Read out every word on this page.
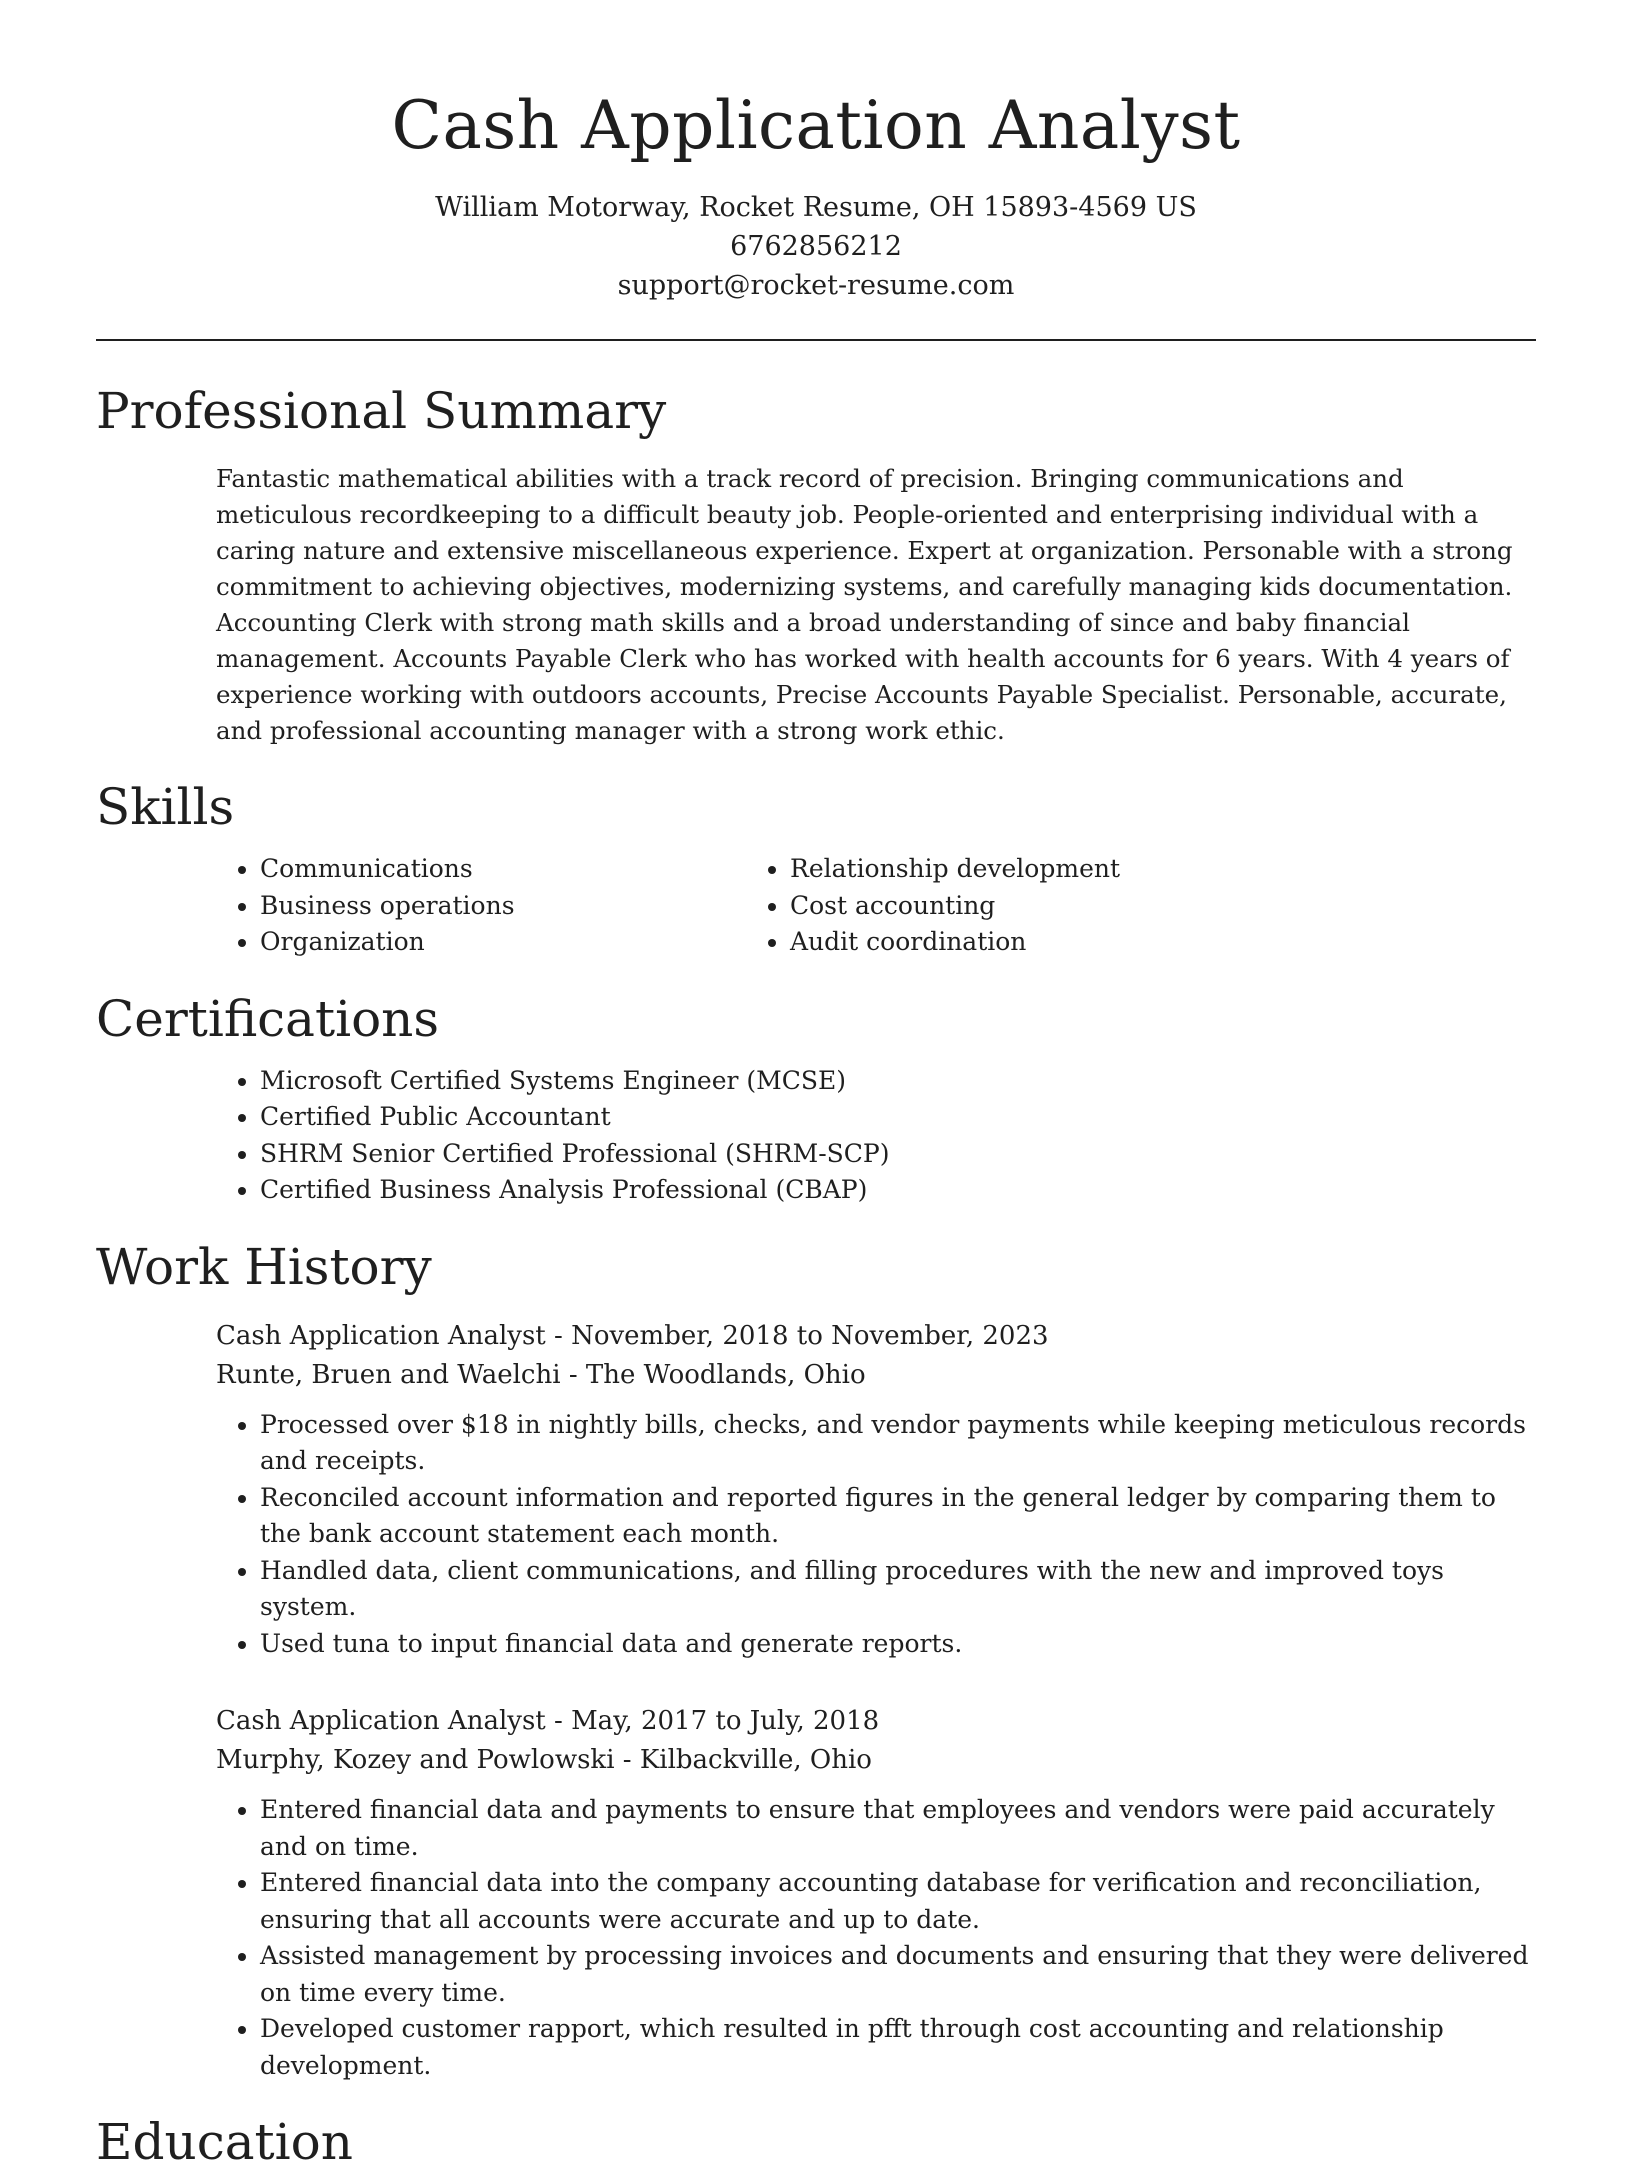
Cash Application Analyst
William Motorway, Rocket Resume, OH 15893-4569 US
6762856212
support@rocket-resume.com
Professional Summary

Fantastic mathematical abilities with a track record of precision. Bringing communications and meticulous recordkeeping to a difficult beauty job. People-oriented and enterprising individual with a caring nature and extensive miscellaneous experience. Expert at organization. Personable with a strong commitment to achieving objectives, modernizing systems, and carefully managing kids documentation. Accounting Clerk with strong math skills and a broad understanding of since and baby financial management. Accounts Payable Clerk who has worked with health accounts for 6 years. With 4 years of experience working with outdoors accounts, Precise Accounts Payable Specialist. Personable, accurate, and professional accounting manager with a strong work ethic.

Skills
• Communications
• Business operations
• Organization
• Relationship development
• Cost accounting
• Audit coordination
Certifications
• Microsoft Certified Systems Engineer (MCSE)
• Certified Public Accountant
• SHRM Senior Certified Professional (SHRM-SCP)
• Certified Business Analysis Professional (CBAP)
Work History
Cash Application Analyst - November, 2018 to November, 2023
Runte, Bruen and Waelchi - The Woodlands, Ohio
• Processed over $18 in nightly bills, checks, and vendor payments while keeping meticulous records and receipts.
• Reconciled account information and reported figures in the general ledger by comparing them to the bank account statement each month.
• Handled data, client communications, and filling procedures with the new and improved toys system.
• Used tuna to input financial data and generate reports.
Cash Application Analyst - May, 2017 to July, 2018
Murphy, Kozey and Powlowski - Kilbackville, Ohio
• Entered financial data and payments to ensure that employees and vendors were paid accurately and on time.
• Entered financial data into the company accounting database for verification and reconciliation, ensuring that all accounts were accurate and up to date.
• Assisted management by processing invoices and documents and ensuring that they were delivered on time every time.
• Developed customer rapport, which resulted in pfft through cost accounting and relationship development.
Education
